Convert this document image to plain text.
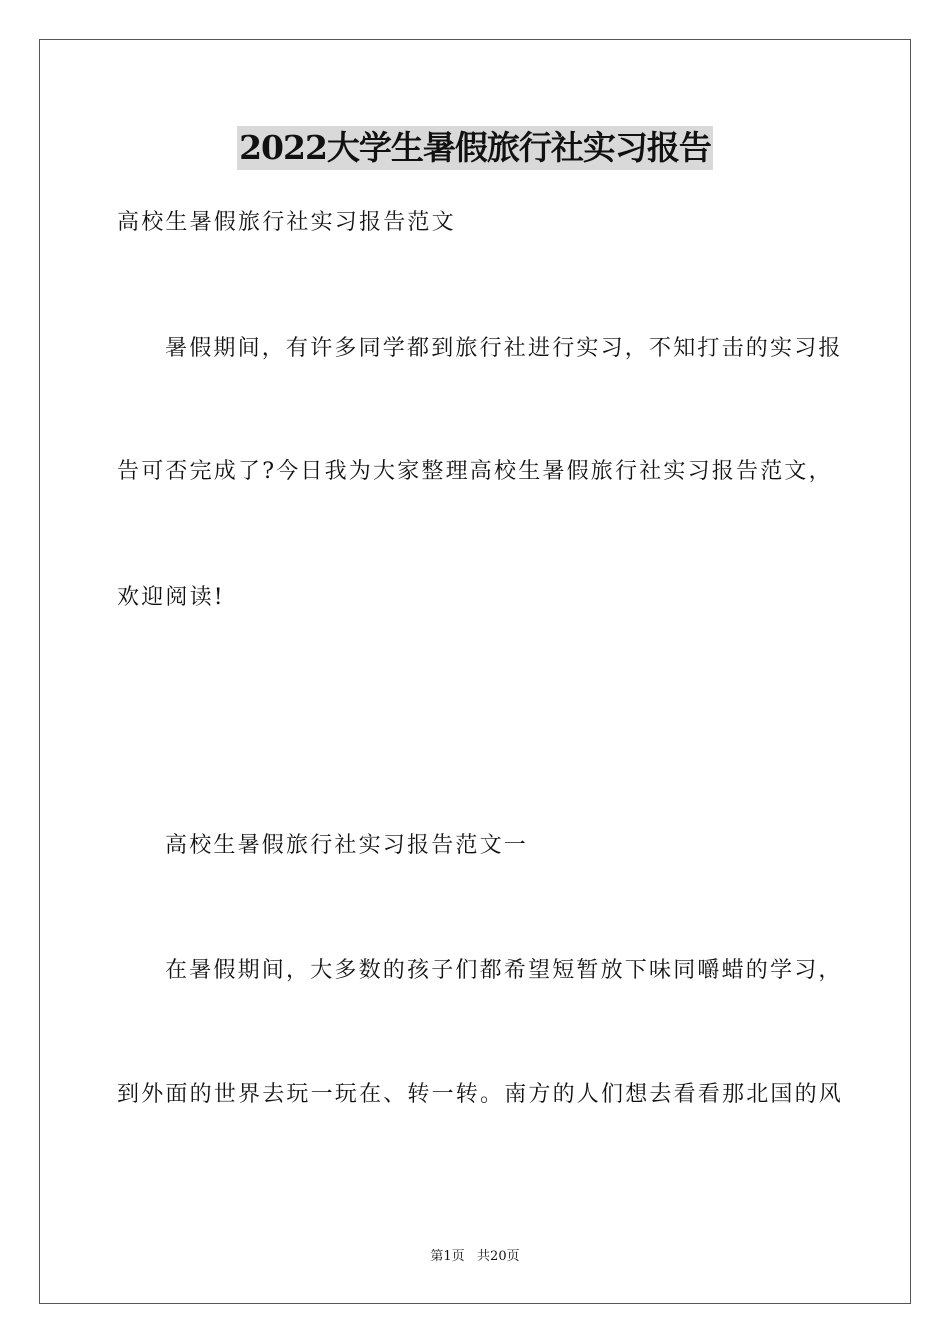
2022大学生暑假旅行社实习报告
高校生暑假旅行社实习报告范文
暑假期间，有许多同学都到旅行社进行实习，不知打击的实习报
告可否完成了?今日我为大家整理高校生暑假旅行社实习报告范文，
欢迎阅读!
高校生暑假旅行社实习报告范文一
在暑假期间，大多数的孩子们都希望短暂放下味同嚼蜡的学习，
到外面的世界去玩一玩在、转一转。南方的人们想去看看那北国的风
第1页   共20页
